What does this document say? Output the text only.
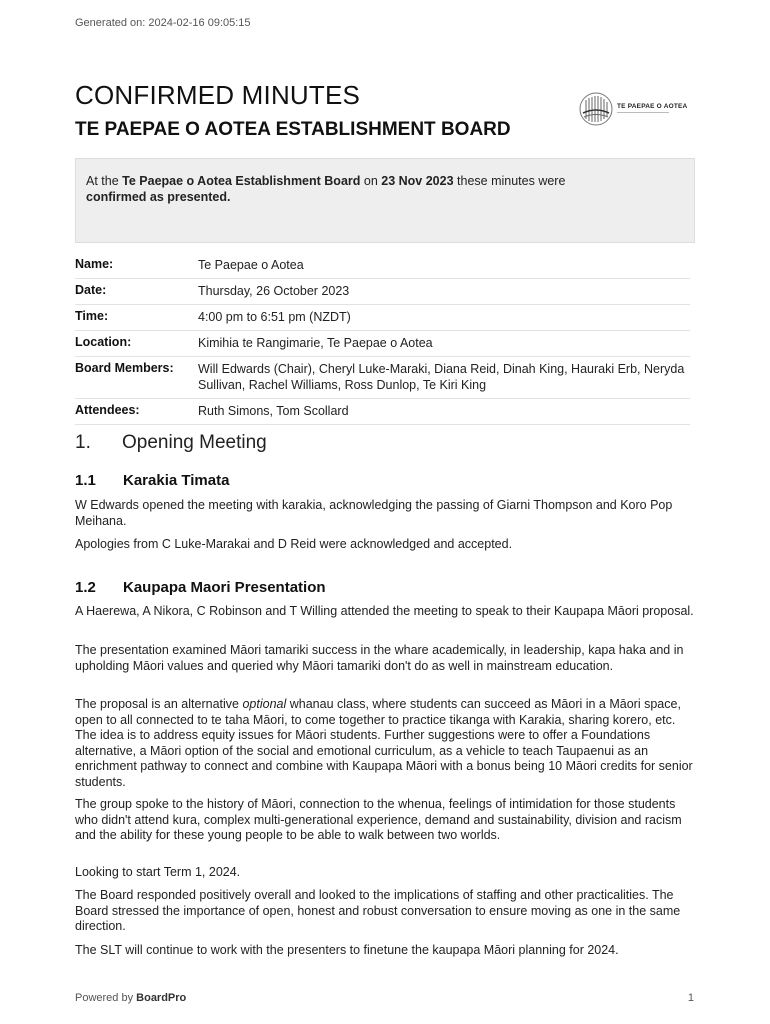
Generated on: 2024-02-16 09:05:15
CONFIRMED MINUTES
TE PAEPAE O AOTEA ESTABLISHMENT BOARD
TE PAEPAE O AOTEA
At the Te Paepae o Aotea Establishment Board on 23 Nov 2023 these minutes were
confirmed as presented.
Name:	Te Paepae o Aotea
Date:	Thursday, 26 October 2023
Time:	4:00 pm to 6:51 pm (NZDT)
Location:	Kimihia te Rangimarie, Te Paepae o Aotea
Board Members:	Will Edwards (Chair), Cheryl Luke-Maraki, Diana Reid, Dinah King, Hauraki Erb, Neryda Sullivan, Rachel Williams, Ross Dunlop, Te Kiri King
Attendees:	Ruth Simons, Tom Scollard
1.	Opening Meeting
1.1	Karakia Timata

W Edwards opened the meeting with karakia, acknowledging the passing of Giarni Thompson and Koro Pop Meihana.

Apologies from C Luke-Marakai and D Reid were acknowledged and accepted.

1.2	Kaupapa Maori Presentation

A Haerewa, A Nikora, C Robinson and T Willing attended the meeting to speak to their Kaupapa Māori proposal.

The presentation examined Māori tamariki success in the whare academically, in leadership, kapa haka and in upholding Māori values and queried why Māori tamariki don't do as well in mainstream education.

The proposal is an alternative optional whanau class, where students can succeed as Māori in a Māori space, open to all connected to te taha Māori, to come together to practice tikanga with Karakia, sharing korero, etc. The idea is to address equity issues for Māori students. Further suggestions were to offer a Foundations alternative, a Māori option of the social and emotional curriculum, as a vehicle to teach Taupaenui as an enrichment pathway to connect and combine with Kaupapa Māori with a bonus being 10 Māori credits for senior students.

The group spoke to the history of Māori, connection to the whenua, feelings of intimidation for those students who didn't attend kura, complex multi-generational experience, demand and sustainability, division and racism and the ability for these young people to be able to walk between two worlds.

Looking to start Term 1, 2024.

The Board responded positively overall and looked to the implications of staffing and other practicalities. The Board stressed the importance of open, honest and robust conversation to ensure moving as one in the same direction.

The SLT will continue to work with the presenters to finetune the kaupapa Māori planning for 2024.

Powered by BoardPro	1
